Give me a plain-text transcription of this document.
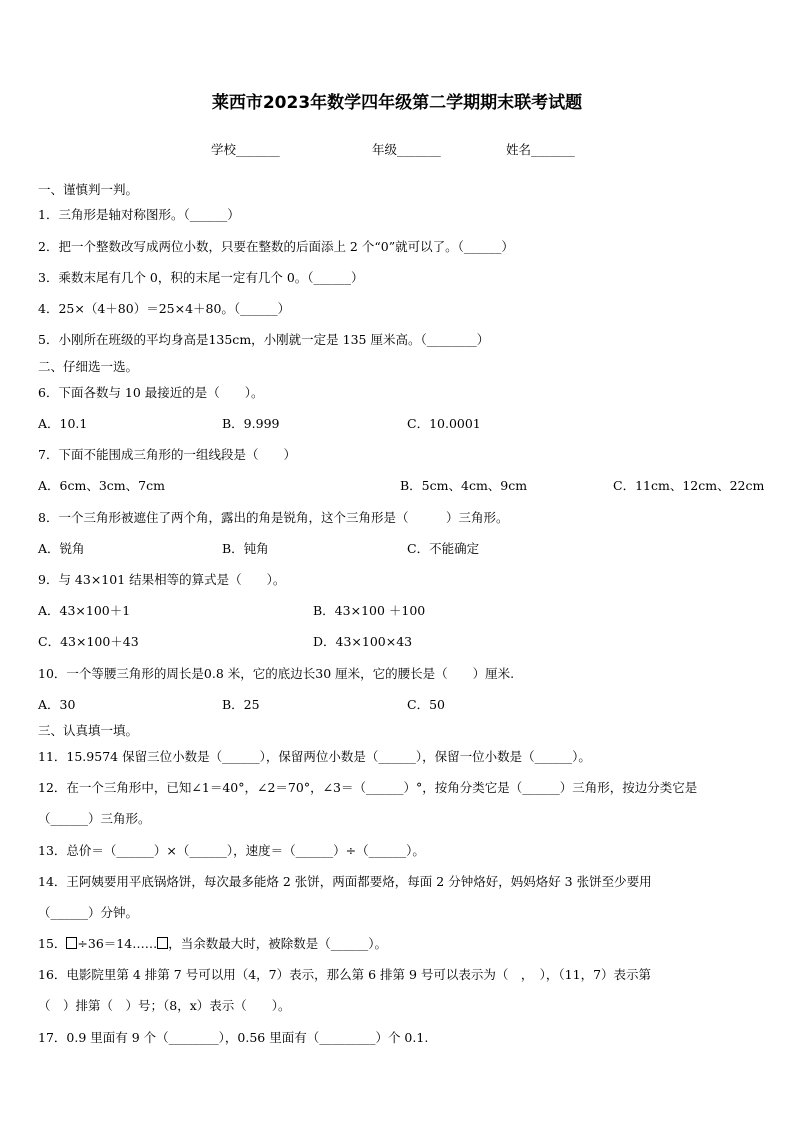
莱西市2023年数学四年级第二学期期末联考试题
学校_______	年级_______	姓名_______
一、谨慎判一判。
1．三角形是轴对称图形。（______）
2．把一个整数改写成两位小数，只要在整数的后面添上 2 个“0”就可以了。（______）
3．乘数末尾有几个 0，积的末尾一定有几个 0。（______）
4．25×（4＋80）＝25×4＋80。（______）
5．小刚所在班级的平均身高是135cm，小刚就一定是 135 厘米高。（________）
二、仔细选一选。
6．下面各数与 10 最接近的是（　　）。
A．10.1	B．9.999	C．10.0001
7．下面不能围成三角形的一组线段是（　　）
A．6cm、3cm、7cm	B．5cm、4cm、9cm	C．11cm、12cm、22cm
8．一个三角形被遮住了两个角，露出的角是锐角，这个三角形是（　　　）三角形。
A．锐角	B．钝角	C．不能确定
9．与 43×101 结果相等的算式是（　　）。
A．43×100＋1	B．43×100 ＋100
C．43×100＋43	D．43×100×43
10．一个等腰三角形的周长是0.8 米，它的底边长30 厘米，它的腰长是（　　）厘米.
A．30	B．25	C．50
三、认真填一填。
11．15.9574 保留三位小数是（______），保留两位小数是（______），保留一位小数是（______）。
12．在一个三角形中，已知∠1＝40°，∠2＝70°，∠3＝（______）°，按角分类它是（______）三角形，按边分类它是
（______）三角形。
13．总价＝（______）×（______），速度＝（______）÷（______）。
14．王阿姨要用平底锅烙饼，每次最多能烙 2 张饼，两面都要烙，每面 2 分钟烙好，妈妈烙好 3 张饼至少要用
（______）分钟。
15． ÷36＝14…… ，当余数最大时，被除数是（______）。
16．电影院里第 4 排第 7 号可以用（4，7）表示，那么第 6 排第 9 号可以表示为（　，　），（11，7）表示第
（　）排第（　）号；（8，x）表示（　　）。
17．0.9 里面有 9 个（________），0.56 里面有（_________）个 0.1.
